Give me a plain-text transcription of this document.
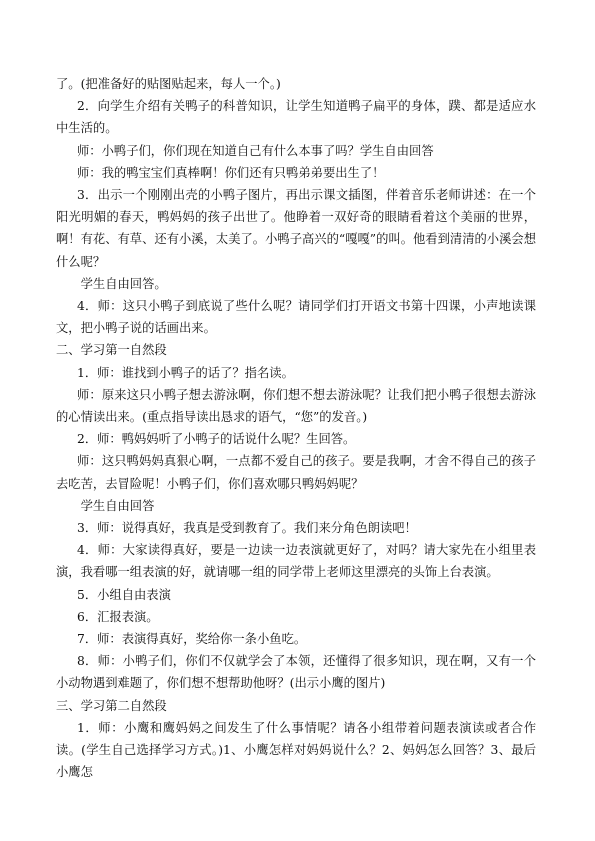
了。(把准备好的贴图贴起来，每人一个。)

2．向学生介绍有关鸭子的科普知识，让学生知道鸭子扁平的身体，蹼、都是适应水中生活的。

师：小鸭子们，你们现在知道自己有什么本事了吗？学生自由回答

师：我的鸭宝宝们真棒啊！你们还有只鸭弟弟要出生了！

3．出示一个刚刚出壳的小鸭子图片，再出示课文插图，伴着音乐老师讲述：在一个阳光明媚的春天，鸭妈妈的孩子出世了。他睁着一双好奇的眼睛看着这个美丽的世界，啊！有花、有草、还有小溪，太美了。小鸭子高兴的“嘎嘎”的叫。他看到清清的小溪会想什么呢？

学生自由回答。

4．师：这只小鸭子到底说了些什么呢？请同学们打开语文书第十四课，小声地读课文，把小鸭子说的话画出来。

二、学习第一自然段

1．师：谁找到小鸭子的话了？指名读。

师：原来这只小鸭子想去游泳啊，你们想不想去游泳呢？让我们把小鸭子很想去游泳的心情读出来。(重点指导读出恳求的语气，“您”的发音。)

2．师：鸭妈妈听了小鸭子的话说什么呢？生回答。

师：这只鸭妈妈真狠心啊，一点都不爱自己的孩子。要是我啊，才舍不得自己的孩子去吃苦，去冒险呢！小鸭子们，你们喜欢哪只鸭妈妈呢？

学生自由回答

3．师：说得真好，我真是受到教育了。我们来分角色朗读吧！

4．师：大家读得真好，要是一边读一边表演就更好了，对吗？请大家先在小组里表演，我看哪一组表演的好，就请哪一组的同学带上老师这里漂亮的头饰上台表演。

5．小组自由表演

6．汇报表演。

7．师：表演得真好，奖给你一条小鱼吃。

8．师：小鸭子们，你们不仅就学会了本领，还懂得了很多知识，现在啊，又有一个小动物遇到难题了，你们想不想帮助他呀？(出示小鹰的图片)

三、学习第二自然段

1．师：小鹰和鹰妈妈之间发生了什么事情呢？请各小组带着问题表演读或者合作读。(学生自己选择学习方式。)1、小鹰怎样对妈妈说什么？2、妈妈怎么回答？3、最后小鹰怎
